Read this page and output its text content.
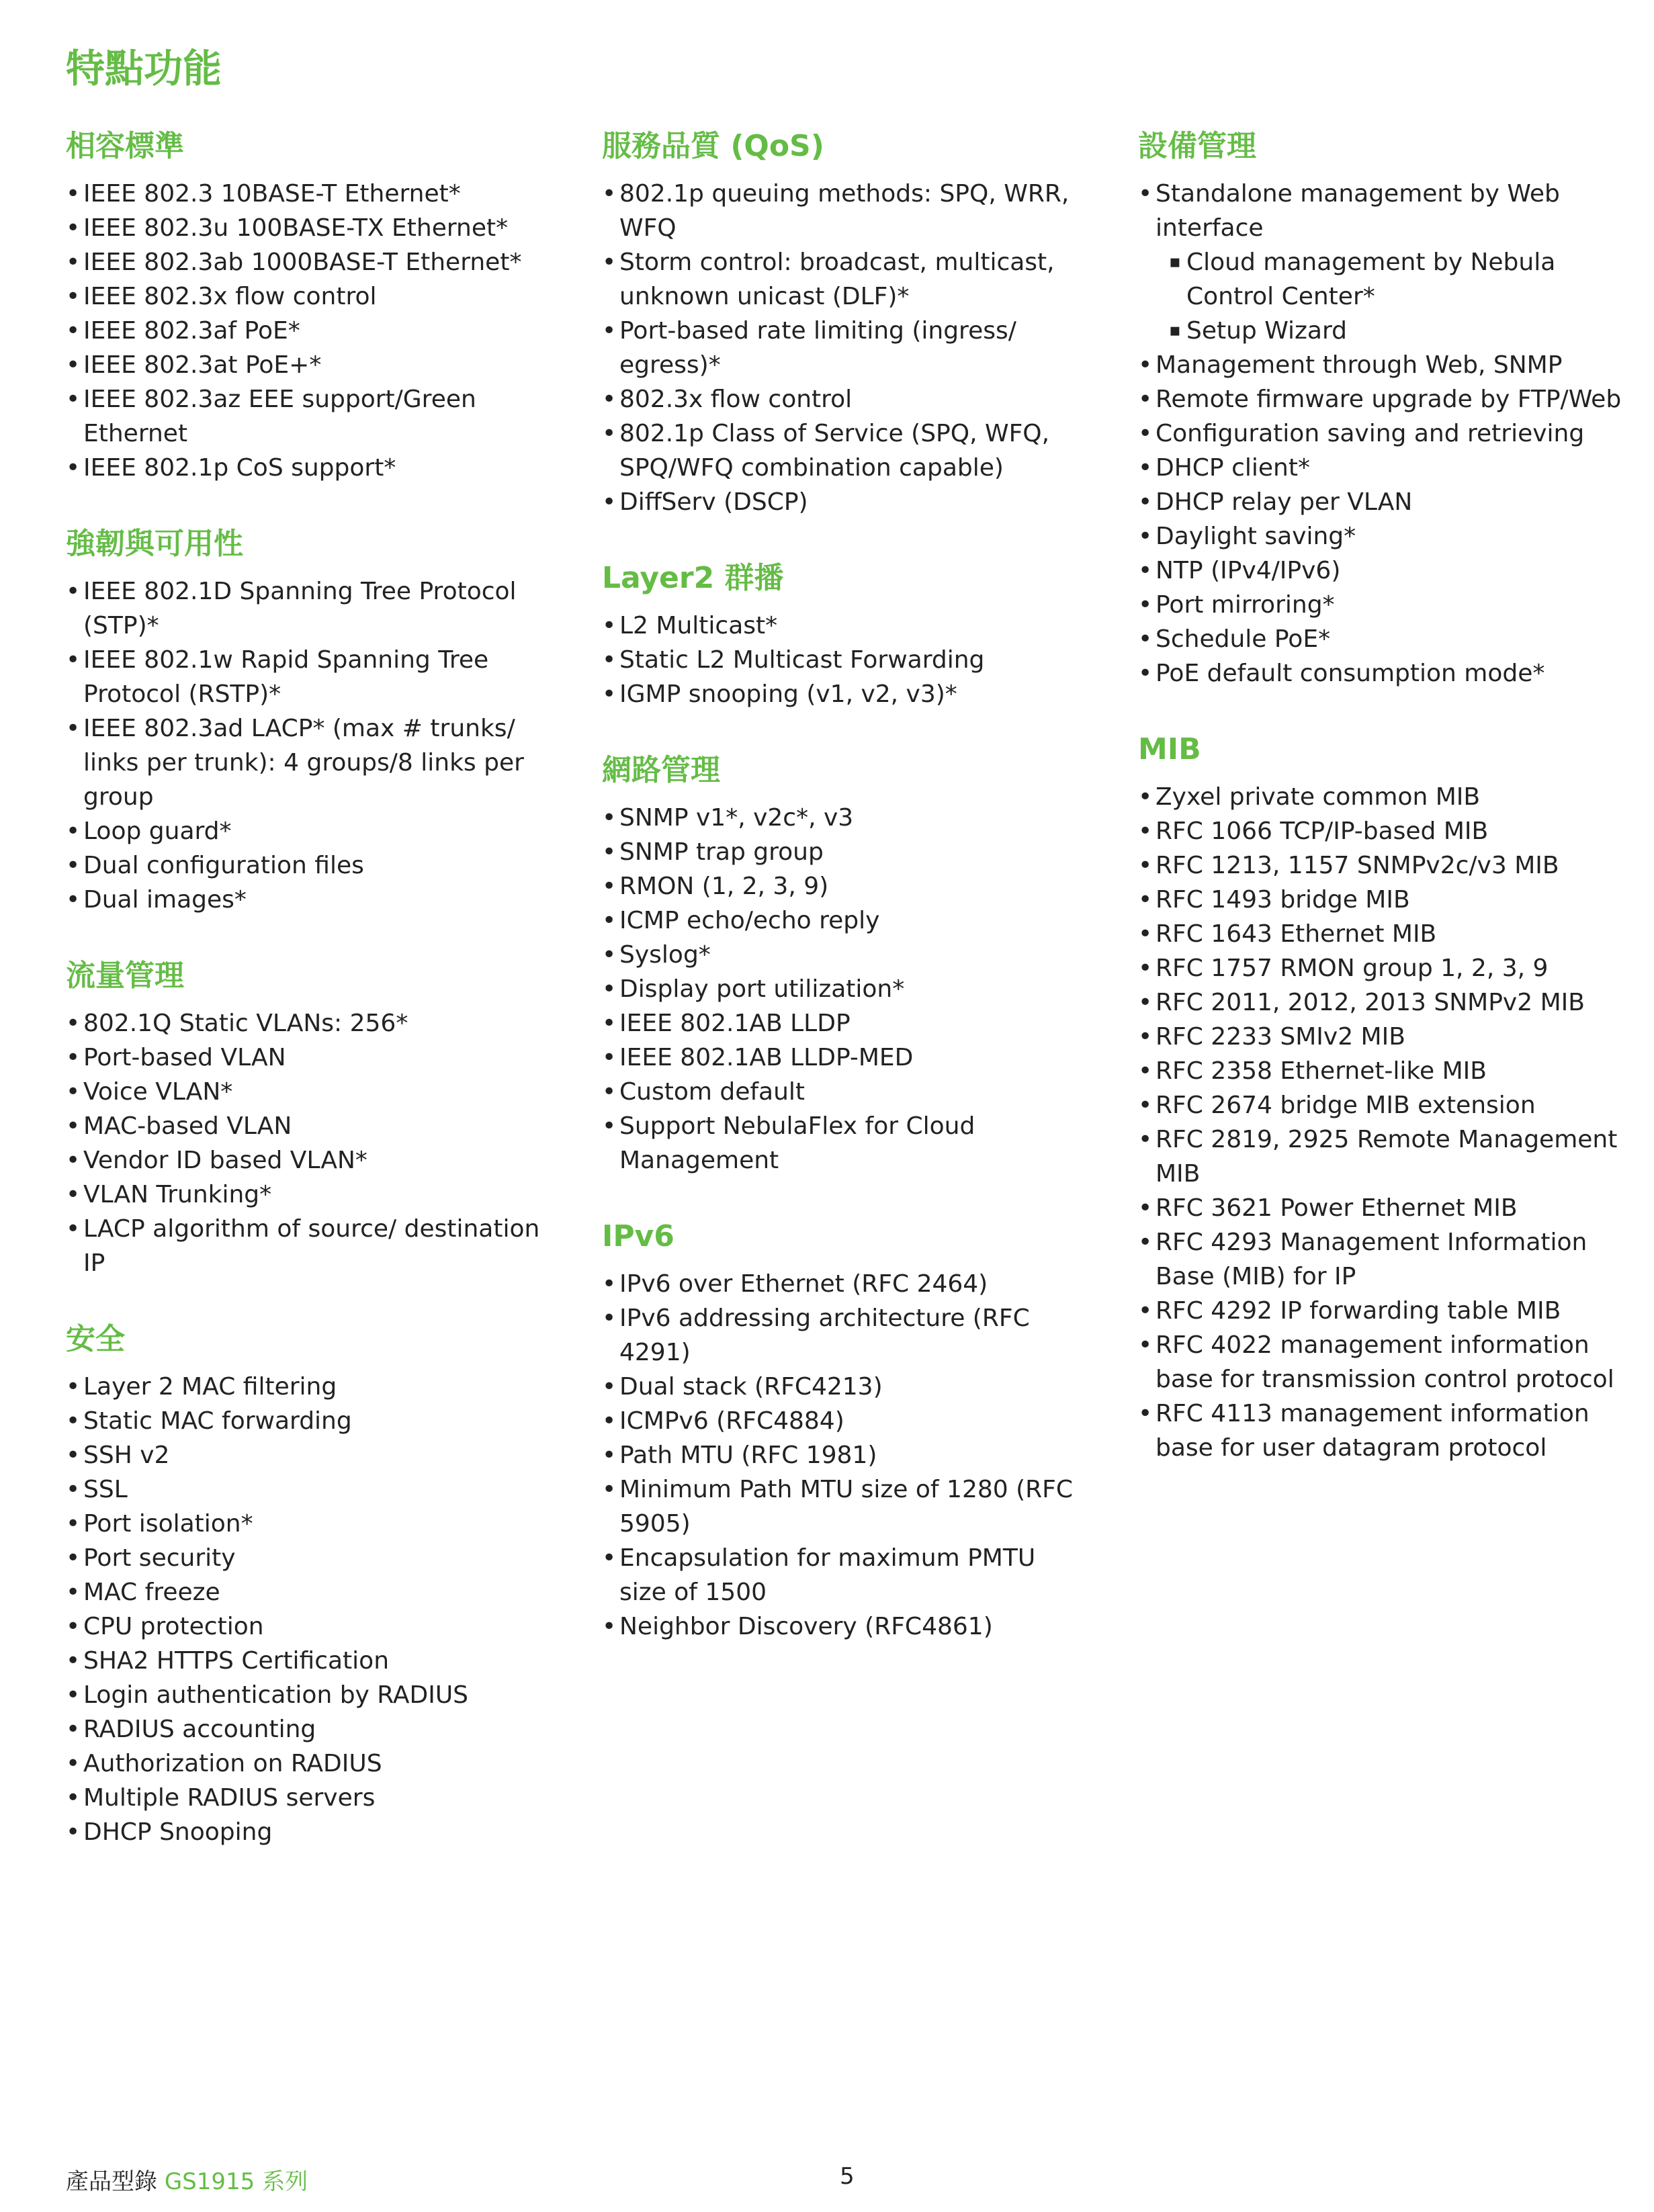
特點功能
相容標準
• IEEE 802.3 10BASE-T Ethernet*
• IEEE 802.3u 100BASE-TX Ethernet*
• IEEE 802.3ab 1000BASE-T Ethernet*
• IEEE 802.3x flow control
• IEEE 802.3af PoE*
• IEEE 802.3at PoE+*
• IEEE 802.3az EEE support/Green Ethernet
• IEEE 802.1p CoS support*
強韌與可用性
• IEEE 802.1D Spanning Tree Protocol (STP)*
• IEEE 802.1w Rapid Spanning Tree Protocol (RSTP)*
• IEEE 802.3ad LACP* (max # trunks/ links per trunk): 4 groups/8 links per group
• Loop guard*
• Dual configuration files
• Dual images*
流量管理
• 802.1Q Static VLANs: 256*
• Port-based VLAN
• Voice VLAN*
• MAC-based VLAN
• Vendor ID based VLAN*
• VLAN Trunking*
• LACP algorithm of source/ destination IP
安全
• Layer 2 MAC filtering
• Static MAC forwarding
• SSH v2
• SSL
• Port isolation*
• Port security
• MAC freeze
• CPU protection
• SHA2 HTTPS Certification
• Login authentication by RADIUS
• RADIUS accounting
• Authorization on RADIUS
• Multiple RADIUS servers
• DHCP Snooping
服務品質 (QoS)
• 802.1p queuing methods: SPQ, WRR, WFQ
• Storm control: broadcast, multicast, unknown unicast (DLF)*
• Port-based rate limiting (ingress/ egress)*
• 802.3x flow control
• 802.1p Class of Service (SPQ, WFQ, SPQ/WFQ combination capable)
• DiffServ (DSCP)
Layer2 群播
• L2 Multicast*
• Static L2 Multicast Forwarding
• IGMP snooping (v1, v2, v3)*
網路管理
• SNMP v1*, v2c*, v3
• SNMP trap group
• RMON (1, 2, 3, 9)
• ICMP echo/echo reply
• Syslog*
• Display port utilization*
• IEEE 802.1AB LLDP
• IEEE 802.1AB LLDP-MED
• Custom default
• Support NebulaFlex for Cloud Management
IPv6
• IPv6 over Ethernet (RFC 2464)
• IPv6 addressing architecture (RFC 4291)
• Dual stack (RFC4213)
• ICMPv6 (RFC4884)
• Path MTU (RFC 1981)
• Minimum Path MTU size of 1280 (RFC 5905)
• Encapsulation for maximum PMTU size of 1500
• Neighbor Discovery (RFC4861)
設備管理
• Standalone management by Web interface
▪ Cloud management by Nebula Control Center*
▪ Setup Wizard
• Management through Web, SNMP
• Remote firmware upgrade by FTP/Web
• Configuration saving and retrieving
• DHCP client*
• DHCP relay per VLAN
• Daylight saving*
• NTP (IPv4/IPv6)
• Port mirroring*
• Schedule PoE*
• PoE default consumption mode*
MIB
• Zyxel private common MIB
• RFC 1066 TCP/IP-based MIB
• RFC 1213, 1157 SNMPv2c/v3 MIB
• RFC 1493 bridge MIB
• RFC 1643 Ethernet MIB
• RFC 1757 RMON group 1, 2, 3, 9
• RFC 2011, 2012, 2013 SNMPv2 MIB
• RFC 2233 SMIv2 MIB
• RFC 2358 Ethernet-like MIB
• RFC 2674 bridge MIB extension
• RFC 2819, 2925 Remote Management MIB
• RFC 3621 Power Ethernet MIB
• RFC 4293 Management Information Base (MIB) for IP
• RFC 4292 IP forwarding table MIB
• RFC 4022 management information base for transmission control protocol
• RFC 4113 management information base for user datagram protocol
產品型錄 GS1915 系列	5
